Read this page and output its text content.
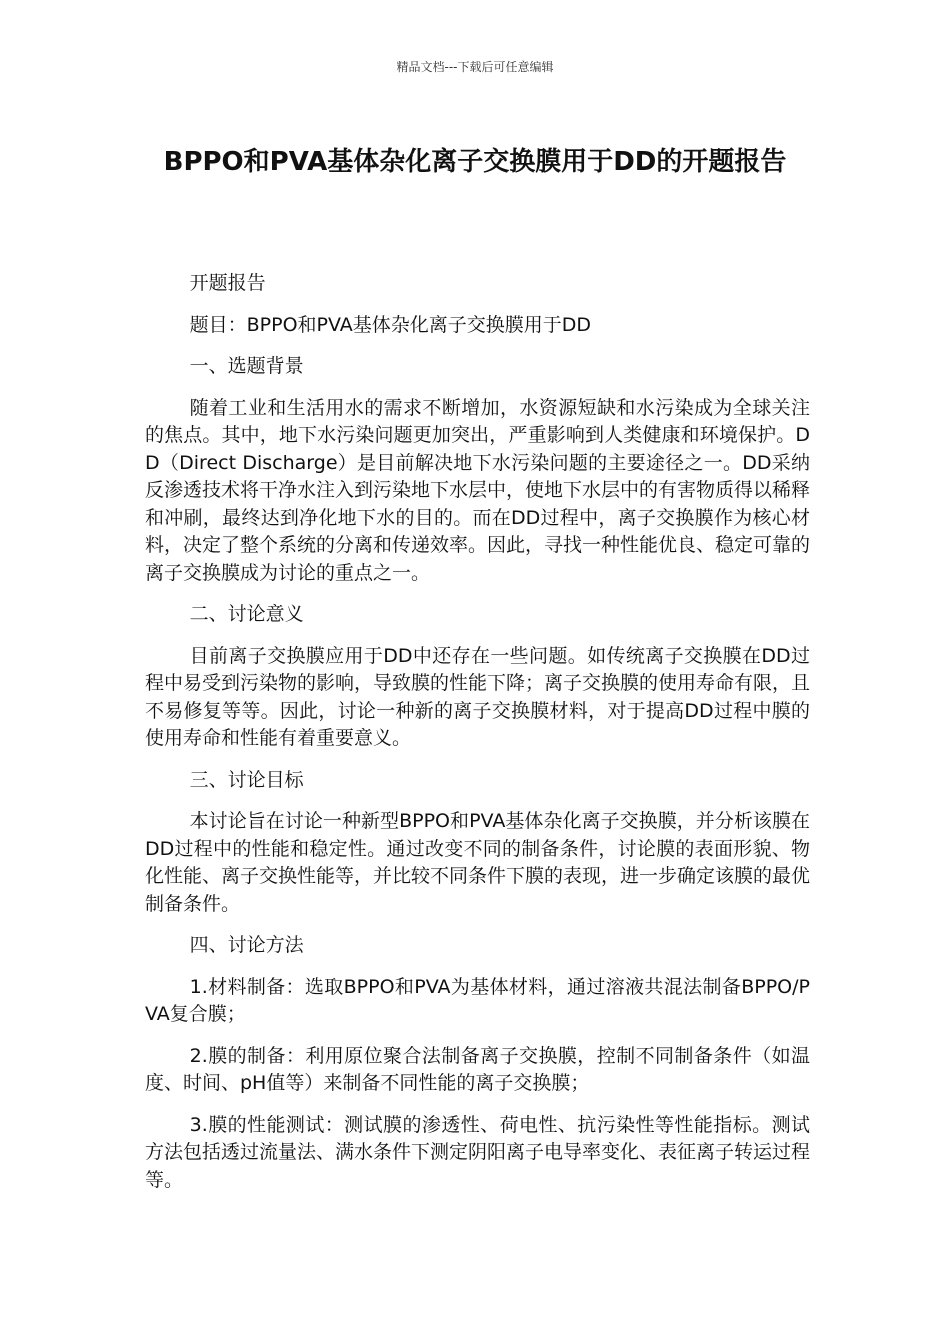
精品文档---下载后可任意编辑
BPPO和PVA基体杂化离子交换膜用于DD的开题报告

开题报告

题目：BPPO和PVA基体杂化离子交换膜用于DD

一、选题背景

随着工业和生活用水的需求不断增加，水资源短缺和水污染成为全球关注的焦点。其中，地下水污染问题更加突出，严重影响到人类健康和环境保护。DD（Direct Discharge）是目前解决地下水污染问题的主要途径之一。DD采纳反渗透技术将干净水注入到污染地下水层中，使地下水层中的有害物质得以稀释和冲刷，最终达到净化地下水的目的。而在DD过程中，离子交换膜作为核心材料，决定了整个系统的分离和传递效率。因此，寻找一种性能优良、稳定可靠的离子交换膜成为讨论的重点之一。

二、讨论意义

目前离子交换膜应用于DD中还存在一些问题。如传统离子交换膜在DD过程中易受到污染物的影响，导致膜的性能下降；离子交换膜的使用寿命有限，且不易修复等等。因此，讨论一种新的离子交换膜材料，对于提高DD过程中膜的使用寿命和性能有着重要意义。

三、讨论目标

本讨论旨在讨论一种新型BPPO和PVA基体杂化离子交换膜，并分析该膜在DD过程中的性能和稳定性。通过改变不同的制备条件，讨论膜的表面形貌、物化性能、离子交换性能等，并比较不同条件下膜的表现，进一步确定该膜的最优制备条件。

四、讨论方法

1.材料制备：选取BPPO和PVA为基体材料，通过溶液共混法制备BPPO/PVA复合膜；

2.膜的制备：利用原位聚合法制备离子交换膜，控制不同制备条件（如温度、时间、pH值等）来制备不同性能的离子交换膜；

3.膜的性能测试：测试膜的渗透性、荷电性、抗污染性等性能指标。测试方法包括透过流量法、满水条件下测定阴阳离子电导率变化、表征离子转运过程等。
